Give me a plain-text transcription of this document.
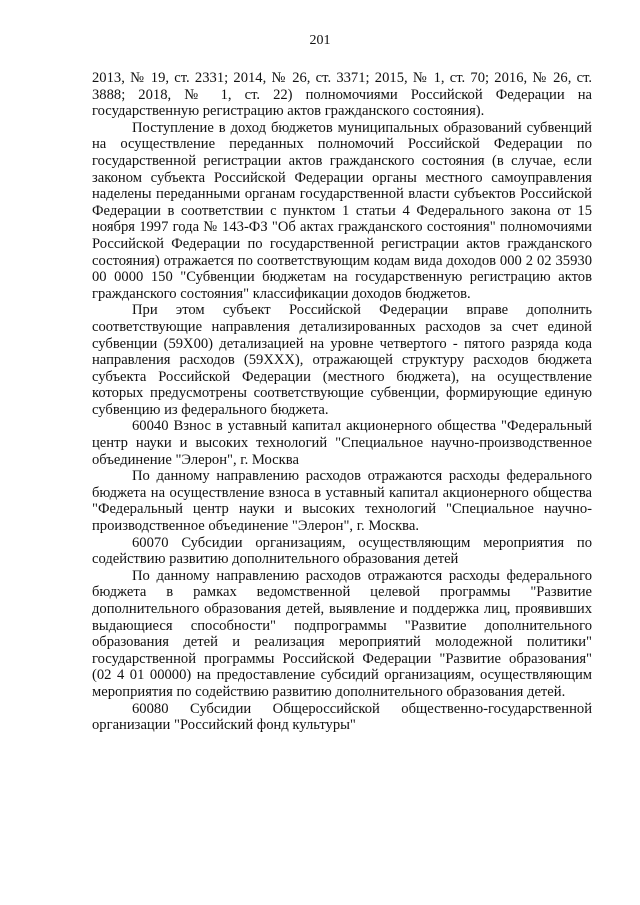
201

2013, № 19, ст. 2331; 2014, № 26, ст. 3371; 2015, № 1, ст. 70; 2016, № 26, ст. 3888; 2018, № 1, ст. 22) полномочиями Российской Федерации на государственную регистрацию актов гражданского состояния).

Поступление в доход бюджетов муниципальных образований субвенций на осуществление переданных полномочий Российской Федерации по государственной регистрации актов гражданского состояния (в случае, если законом субъекта Российской Федерации органы местного самоуправления наделены переданными органам государственной власти субъектов Российской Федерации в соответствии с пунктом 1 статьи 4 Федерального закона от 15 ноября 1997 года № 143-ФЗ "Об актах гражданского состояния" полномочиями Российской Федерации по государственной регистрации актов гражданского состояния) отражается по соответствующим кодам вида доходов 000 2 02 35930 00 0000 150 "Субвенции бюджетам на государственную регистрацию актов гражданского состояния" классификации доходов бюджетов.

При этом субъект Российской Федерации вправе дополнить соответствующие направления детализированных расходов за счет единой субвенции (59Х00) детализацией на уровне четвертого - пятого разряда кода направления расходов (59ХХХ), отражающей структуру расходов бюджета субъекта Российской Федерации (местного бюджета), на осуществление которых предусмотрены соответствующие субвенции, формирующие единую субвенцию из федерального бюджета.

60040 Взнос в уставный капитал акционерного общества "Федеральный центр науки и высоких технологий "Специальное научно-производственное объединение "Элерон", г. Москва

По данному направлению расходов отражаются расходы федерального бюджета на осуществление взноса в уставный капитал акционерного общества "Федеральный центр науки и высоких технологий "Специальное научно-производственное объединение "Элерон", г. Москва.

60070 Субсидии организациям, осуществляющим мероприятия по содействию развитию дополнительного образования детей

По данному направлению расходов отражаются расходы федерального бюджета в рамках ведомственной целевой программы "Развитие дополнительного образования детей, выявление и поддержка лиц, проявивших выдающиеся способности" подпрограммы "Развитие дополнительного образования детей и реализация мероприятий молодежной политики" государственной программы Российской Федерации "Развитие образования" (02 4 01 00000) на предоставление субсидий организациям, осуществляющим мероприятия по содействию развитию дополнительного образования детей.

60080 Субсидии Общероссийской общественно-государственной организации "Российский фонд культуры"
